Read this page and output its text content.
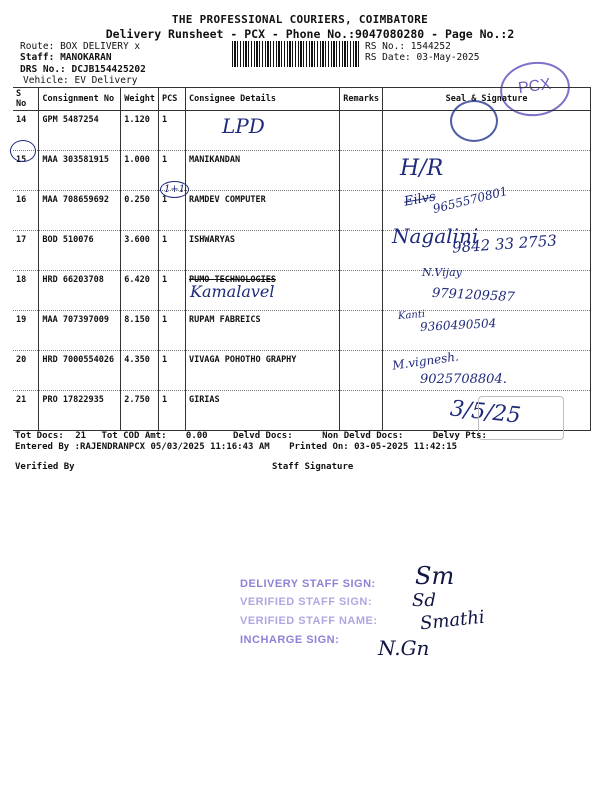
THE PROFESSIONAL COURIERS, COIMBATORE
Delivery Runsheet - PCX - Phone No.:9047080280 - Page No.:2
Route: BOX DELIVERY x
Staff: MANOKARAN
DRS No.: DCJB154425202
Vehicle: EV Delivery
RS No.: 1544252
RS Date: 03-May-2025
PCX
S No	Consignment No	Weight	PCS	Consignee Details	Remarks	Seal & Signature
14	GPM 5487254	1.120	1			
15	MAA 303581915	1.000	1	MANIKANDAN		
16	MAA 708659692	0.250	1	RAMDEV COMPUTER		
17	BOD 510076	3.600	1	ISHWARYAS		
18	HRD 66203708	6.420	1	PUMO TECHNOLOGIES		
19	MAA 707397009	8.150	1	RUPAM FABREICS		
20	HRD 7000554026	4.350	1	VIVAGA POHOTHO GRAPHY		
21	PRO 17822935	2.750	1	GIRIAS		
LPD
1+1
H/R
Eilvs
9655570801
Nagalini
9842 33 2753
N.Vijay
9791209587
Kamalavel
Kanti
9360490504
M.vignesh.
9025708804.
3/5/25
Tot Docs: 21 Tot COD Amt: 0.00	Delvd Docs:	Non Delvd Docs:	Delvy Pts:
Entered By :RAJENDRANPCX 05/03/2025 11:16:43 AM Printed On: 03-05-2025 11:42:15
Verified By	Staff Signature
DELIVERY STAFF SIGN:
VERIFIED STAFF SIGN:
VERIFIED STAFF NAME:
INCHARGE SIGN:
Sm
Sd
Smathi
N.Gn
